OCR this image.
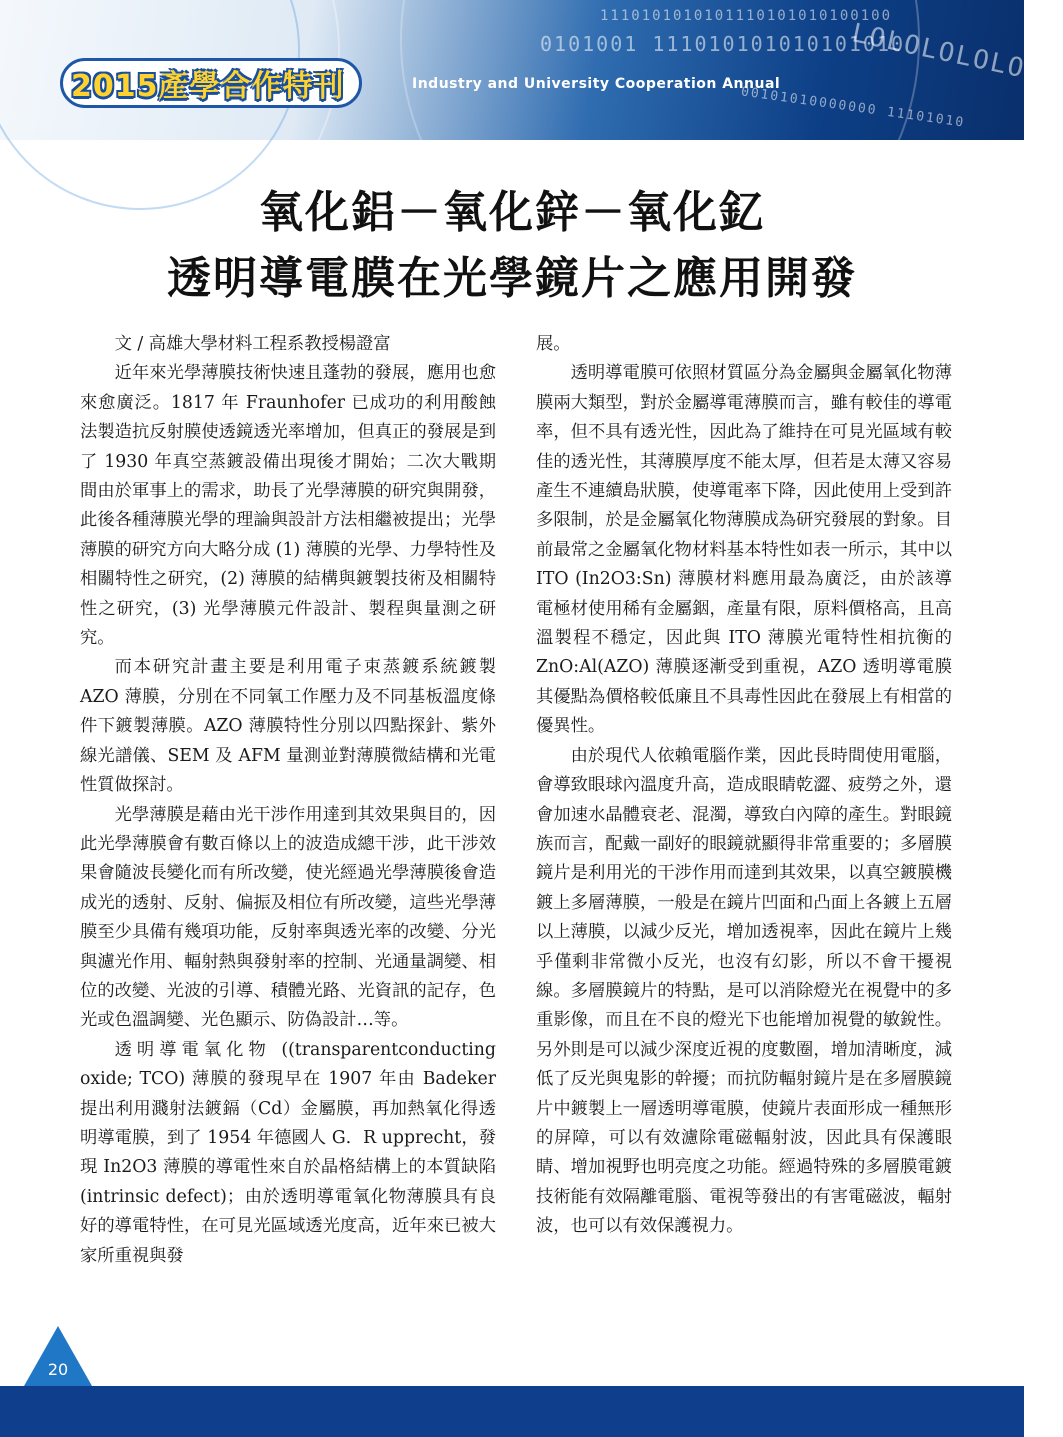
1110101010101110101010100100
0101001 111010101010101010
LOLOLOLOLOLO
00101010000000 11101010
2015產學合作特刊	Industry and University Cooperation Annual
氧化鋁－氧化鋅－氧化釔
透明導電膜在光學鏡片之應用開發

文 / 高雄大學材料工程系教授楊證富

近年來光學薄膜技術快速且蓬勃的發展，應用也愈來愈廣泛。1817 年 Fraunhofer 已成功的利用酸蝕法製造抗反射膜使透鏡透光率增加，但真正的發展是到了 1930 年真空蒸鍍設備出現後才開始；二次大戰期間由於軍事上的需求，助長了光學薄膜的研究與開發，此後各種薄膜光學的理論與設計方法相繼被提出；光學薄膜的研究方向大略分成 (1) 薄膜的光學、力學特性及相關特性之研究，(2) 薄膜的結構與鍍製技術及相關特性之研究，(3) 光學薄膜元件設計、製程與量測之研究。

而本研究計畫主要是利用電子束蒸鍍系統鍍製 AZO 薄膜，分別在不同氧工作壓力及不同基板溫度條件下鍍製薄膜。AZO 薄膜特性分別以四點探針、紫外線光譜儀、SEM 及 AFM 量測並對薄膜微結構和光電性質做探討。

光學薄膜是藉由光干涉作用達到其效果與目的，因此光學薄膜會有數百條以上的波造成總干涉，此干涉效果會隨波長變化而有所改變，使光經過光學薄膜後會造成光的透射、反射、偏振及相位有所改變，這些光學薄膜至少具備有幾項功能，反射率與透光率的改變、分光與濾光作用、輻射熱與發射率的控制、光通量調變、相位的改變、光波的引導、積體光路、光資訊的記存，色光或色溫調變、光色顯示、防偽設計…等。

透明導電氧化物 ((transparentconducting oxide; TCO) 薄膜的發現早在 1907 年由 Badeker 提出利用濺射法鍍鎘（Cd）金屬膜，再加熱氧化得透明導電膜，到了 1954 年德國人 G．R upprecht，發現 In2O3 薄膜的導電性來自於晶格結構上的本質缺陷 (intrinsic defect)；由於透明導電氧化物薄膜具有良好的導電特性，在可見光區域透光度高，近年來已被大家所重視與發

展。

透明導電膜可依照材質區分為金屬與金屬氧化物薄膜兩大類型，對於金屬導電薄膜而言，雖有較佳的導電率，但不具有透光性，因此為了維持在可見光區域有較佳的透光性，其薄膜厚度不能太厚，但若是太薄又容易產生不連續島狀膜，使導電率下降，因此使用上受到許多限制，於是金屬氧化物薄膜成為研究發展的對象。目前最常之金屬氧化物材料基本特性如表一所示，其中以 ITO (In2O3:Sn) 薄膜材料應用最為廣泛，由於該導電極材使用稀有金屬銦，產量有限，原料價格高，且高溫製程不穩定，因此與 ITO 薄膜光電特性相抗衡的 ZnO:Al(AZO) 薄膜逐漸受到重視，AZO 透明導電膜其優點為價格較低廉且不具毒性因此在發展上有相當的優異性。

由於現代人依賴電腦作業，因此長時間使用電腦，會導致眼球內溫度升高，造成眼睛乾澀、疲勞之外，還會加速水晶體衰老、混濁，導致白內障的產生。對眼鏡族而言，配戴一副好的眼鏡就顯得非常重要的；多層膜鏡片是利用光的干涉作用而達到其效果，以真空鍍膜機鍍上多層薄膜，一般是在鏡片凹面和凸面上各鍍上五層以上薄膜，以減少反光，增加透視率，因此在鏡片上幾乎僅剩非常微小反光，也沒有幻影，所以不會干擾視線。多層膜鏡片的特點，是可以消除燈光在視覺中的多重影像，而且在不良的燈光下也能增加視覺的敏銳性。另外則是可以減少深度近視的度數圈，增加清晰度，減低了反光與鬼影的幹擾；而抗防輻射鏡片是在多層膜鏡片中鍍製上一層透明導電膜，使鏡片表面形成一種無形的屏障，可以有效濾除電磁輻射波，因此具有保護眼睛、增加視野也明亮度之功能。經過特殊的多層膜電鍍技術能有效隔離電腦、電視等發出的有害電磁波，輻射波，也可以有效保護視力。

20
